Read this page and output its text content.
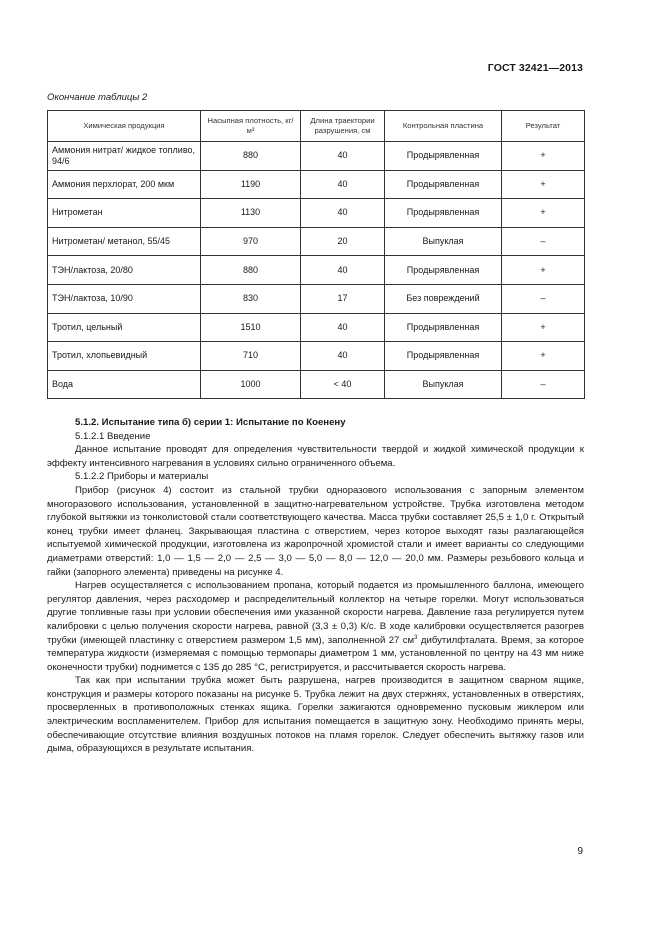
ГОСТ 32421—2013
Окончание таблицы 2
Химическая продукция	Насыпная плотность, кг/м³	Длина траектории разрушения, см	Контрольная пластина	Результат
Аммония нитрат/ жидкое топливо, 94/6	880	40	Продырявленная	+
Аммония перхлорат, 200 мкм	1190	40	Продырявленная	+
Нитрометан	1130	40	Продырявленная	+
Нитрометан/ метанол, 55/45	970	20	Выпуклая	–
ТЭН/лактоза, 20/80	880	40	Продырявленная	+
ТЭН/лактоза, 10/90	830	17	Без повреждений	–
Тротил, цельный	1510	40	Продырявленная	+
Тротил, хлопьевидный	710	40	Продырявленная	+
Вода	1000	< 40	Выпуклая	–

5.1.2. Испытание типа б) серии 1: Испытание по Коенену

5.1.2.1 Введение

Данное испытание проводят для определения чувствительности твердой и жидкой химической продукции к эффекту интенсивного нагревания в условиях сильно ограниченного объема.

5.1.2.2 Приборы и материалы

Прибор (рисунок 4) состоит из стальной трубки одноразового использования с запорным элементом многоразового использования, установленной в защитно-нагревательном устройстве. Трубка изготовлена методом глубокой вытяжки из тонколистовой стали соответствующего качества. Масса трубки составляет 25,5 ± 1,0 г. Открытый конец трубки имеет фланец. Закрывающая пластина с отверстием, через которое выходят газы разлагающейся испытуемой химической продукции, изготовлена из жаропрочной хромистой стали и имеет варианты со следующими диаметрами отверстий: 1,0 — 1,5 — 2,0 — 2,5 — 3,0 — 5,0 — 8,0 — 12,0 — 20,0 мм. Размеры резьбового кольца и гайки (запорного элемента) приведены на рисунке 4.

Нагрев осуществляется с использованием пропана, который подается из промышленного баллона, имеющего регулятор давления, через расходомер и распределительный коллектор на четыре горелки. Могут использоваться другие топливные газы при условии обеспечения ими указанной скорости нагрева. Давление газа регулируется путем калибровки с целью получения скорости нагрева, равной (3,3 ± 0,3) К/с. В ходе калибровки осуществляется разогрев трубки (имеющей пластинку с отверстием размером 1,5 мм), заполненной 27 $см^3$ дибутилфталата. Время, за которое температура жидкости (измеряемая с помощью термопары диаметром 1 мм, установленной по центру на 43 мм ниже оконечности трубки) поднимется с 135 до 285 °С, регистрируется, и рассчитывается скорость нагрева.

Так как при испытании трубка может быть разрушена, нагрев производится в защитном сварном ящике, конструкция и размеры которого показаны на рисунке 5. Трубка лежит на двух стержнях, установленных в отверстиях, просверленных в противоположных стенках ящика. Горелки зажигаются одновременно пусковым жиклером или электрическим воспламенителем. Прибор для испытания помещается в защитную зону. Необходимо принять меры, обеспечивающие отсутствие влияния воздушных потоков на пламя горелок. Следует обеспечить вытяжку газов или дыма, образующихся в результате испытания.

9
